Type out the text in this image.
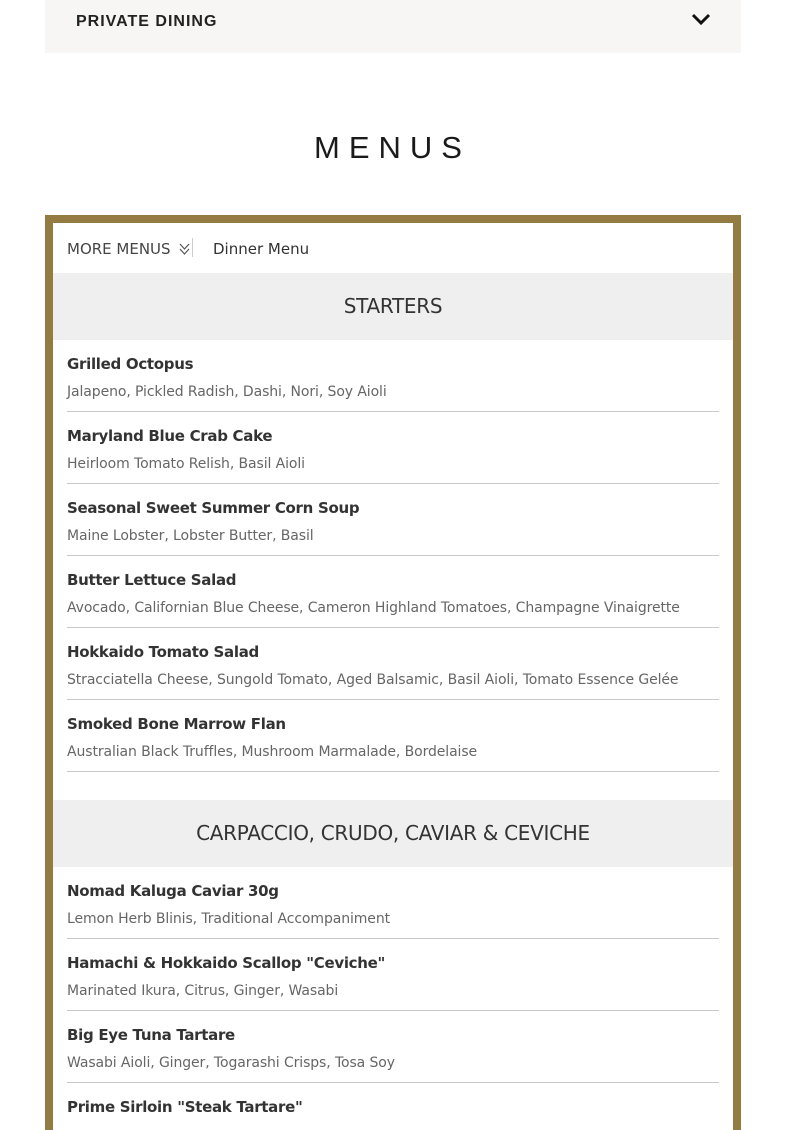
PRIVATE DINING
MENUS
MORE MENUS	Dinner Menu
STARTERS
Grilled Octopus
Jalapeno, Pickled Radish, Dashi, Nori, Soy Aioli
Maryland Blue Crab Cake
Heirloom Tomato Relish, Basil Aioli
Seasonal Sweet Summer Corn Soup
Maine Lobster, Lobster Butter, Basil
Butter Lettuce Salad
Avocado, Californian Blue Cheese, Cameron Highland Tomatoes, Champagne Vinaigrette
Hokkaido Tomato Salad
Stracciatella Cheese, Sungold Tomato, Aged Balsamic, Basil Aioli, Tomato Essence Gelée
Smoked Bone Marrow Flan
Australian Black Truffles, Mushroom Marmalade, Bordelaise
CARPACCIO, CRUDO, CAVIAR & CEVICHE
Nomad Kaluga Caviar 30g
Lemon Herb Blinis, Traditional Accompaniment
Hamachi & Hokkaido Scallop "Ceviche"
Marinated Ikura, Citrus, Ginger, Wasabi
Big Eye Tuna Tartare
Wasabi Aioli, Ginger, Togarashi Crisps, Tosa Soy
Prime Sirloin "Steak Tartare"
